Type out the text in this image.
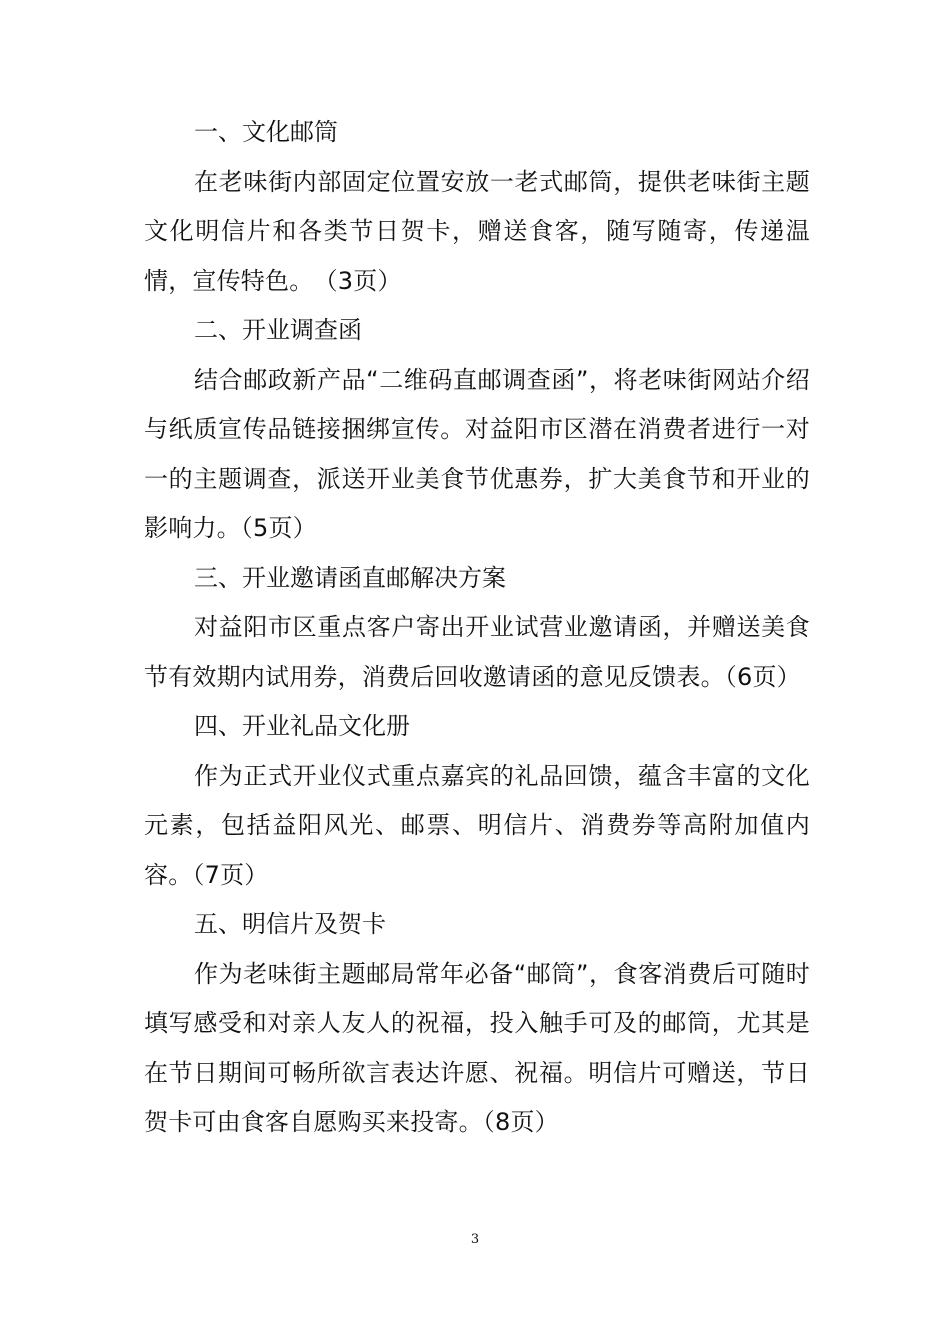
一、文化邮筒

在老味街内部固定位置安放一老式邮筒，提供老味街主题文化明信片和各类节日贺卡，赠送食客，随写随寄，传递温情，宣传特色。　（3页）

二、开业调查函

结合邮政新产品“二维码直邮调查函”，将老味街网站介绍与纸质宣传品链接捆绑宣传。对益阳市区潜在消费者进行一对一的主题调查，派送开业美食节优惠券，扩大美食节和开业的影响力。（5页）

三、开业邀请函直邮解决方案

对益阳市区重点客户寄出开业试营业邀请函，并赠送美食节有效期内试用券，消费后回收邀请函的意见反馈表。（6页）

四、开业礼品文化册

作为正式开业仪式重点嘉宾的礼品回馈，蕴含丰富的文化元素，包括益阳风光、邮票、明信片、消费券等高附加值内容。（7页）

五、明信片及贺卡

作为老味街主题邮局常年必备“邮筒”，食客消费后可随时填写感受和对亲人友人的祝福，投入触手可及的邮筒，尤其是在节日期间可畅所欲言表达许愿、祝福。明信片可赠送，节日贺卡可由食客自愿购买来投寄。（8页）

3
